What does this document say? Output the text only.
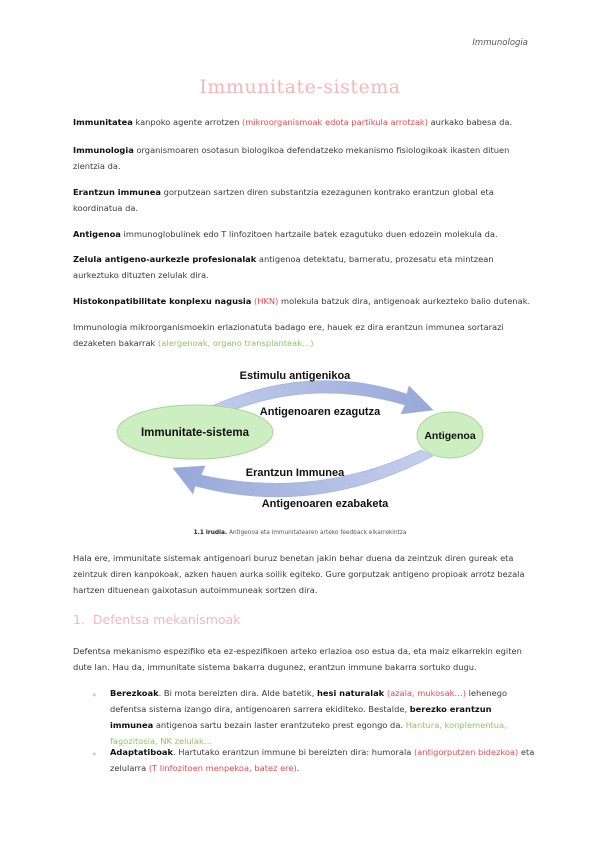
Immunologia
Immunitate-sistema

Immunitatea kanpoko agente arrotzen (mikroorganismoak edota partikula arrotzak) aurkako babesa da.

Immunologia organismoaren osotasun biologikoa defendatzeko mekanismo fisiologikoak ikasten dituen zientzia da.

Erantzun immunea gorputzean sartzen diren substantzia ezezagunen kontrako erantzun global eta koordinatua da.

Antigenoa immunoglobulinek edo T linfozitoen hartzaile batek ezagutuko duen edozein molekula da.

Zelula antigeno-aurkezle profesionalak antigenoa detektatu, barneratu, prozesatu eta mintzean aurkeztuko dituzten zelulak dira.

Histokonpatibilitate konplexu nagusia (HKN) molekula batzuk dira, antigenoak aurkezteko balio dutenak.

Immunologia mikroorganismoekin erlazionatuta badago ere, hauek ez dira erantzun immunea sortarazi dezaketen bakarrak (alergenoak, organo transplanteak…)

Immunitate-sistema	Antigenoa
Estimulu antigenikoa
Antigenoaren ezagutza
Erantzun Immunea
Antigenoaren ezabaketa
1.1 irudia. Antigenoa eta immunitatearen arteko feedback elkarrekintza

Hala ere, immunitate sistemak antigenoari buruz benetan jakin behar duena da zeintzuk diren gureak eta zeintzuk diren kanpokoak, azken hauen aurka soilik egiteko. Gure gorputzak antigeno propioak arrotz bezala hartzen dituenean gaixotasun autoimmuneak sortzen dira.

1. Defentsa mekanismoak

Defentsa mekanismo espezifiko eta ez-espezifikoen arteko erlazioa oso estua da, eta maiz elkarrekin egiten dute lan. Hau da, immunitate sistema bakarra dugunez, erantzun immune bakarra sortuko dugu.

• Berezkoak. Bi mota bereizten dira. Alde batetik, hesi naturalak (azala, mukosak…) lehenego defentsa sistema izango dira, antigenoaren sarrera ekiditeko. Bestalde, berezko erantzun immunea antigenoa sartu bezain laster erantzuteko prest egongo da. Hantura, konplementua, fagozitosia, NK zelulak…

• Adaptatiboak. Hartutako erantzun immune bi bereizten dira: humorala (antigorputzen bidezkoa) eta zelularra (T linfozitoen menpekoa, batez ere).
